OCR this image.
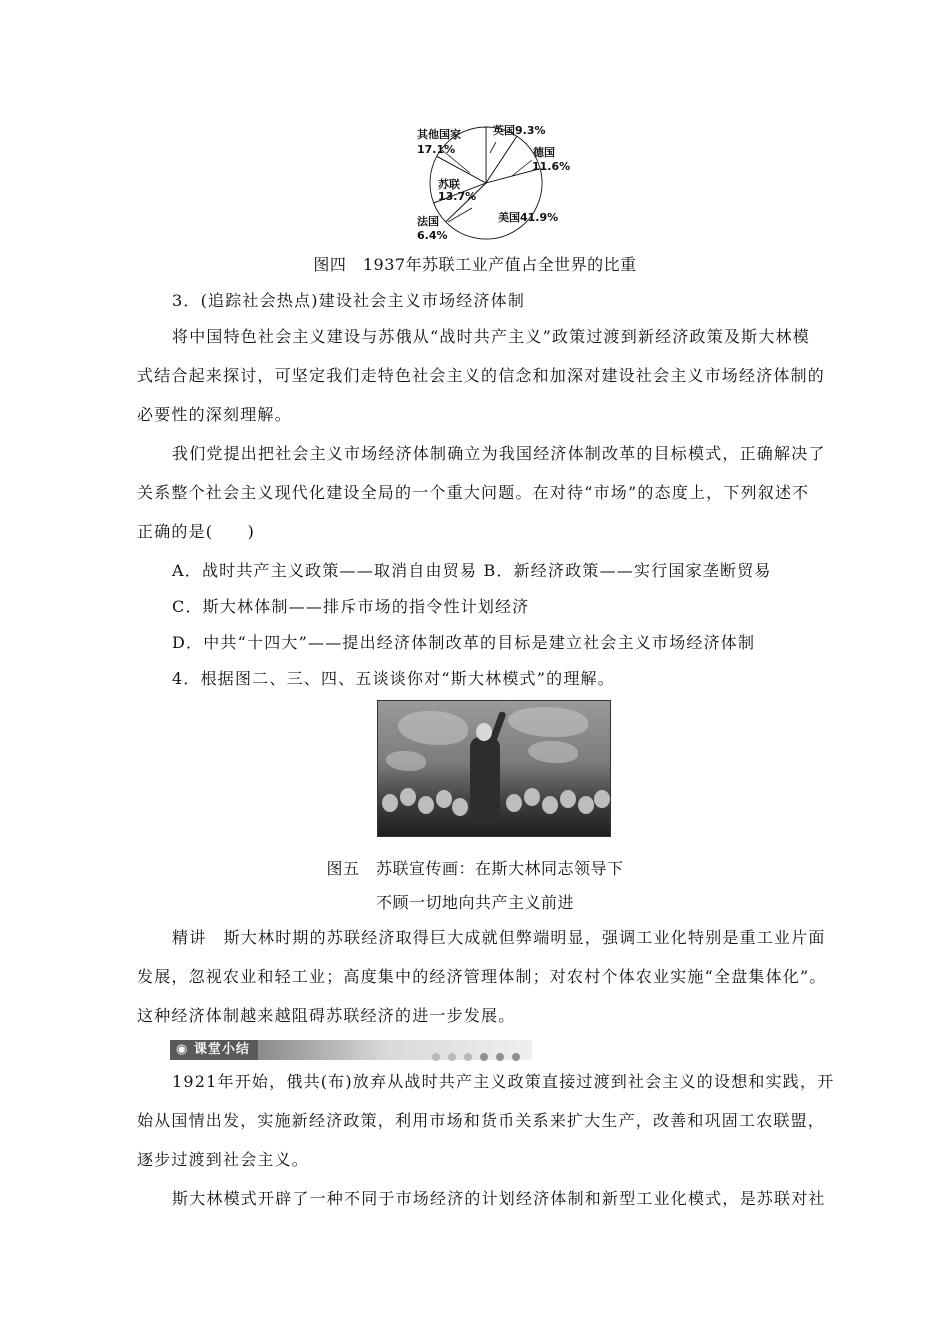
其他国家
17.1%
英国9.3%
德国
11.6%
苏联
13.7%
法国
6.4%
美国41.9%
图四　1937年苏联工业产值占全世界的比重
3．(追踪社会热点)建设社会主义市场经济体制
将中国特色社会主义建设与苏俄从“战时共产主义”政策过渡到新经济政策及斯大林模
式结合起来探讨，可坚定我们走特色社会主义的信念和加深对建设社会主义市场经济体制的
必要性的深刻理解。
我们党提出把社会主义市场经济体制确立为我国经济体制改革的目标模式，正确解决了
关系整个社会主义现代化建设全局的一个重大问题。在对待“市场”的态度上，下列叙述不
正确的是(　　)
A．战时共产主义政策——取消自由贸易 B．新经济政策——实行国家垄断贸易
C．斯大林体制——排斥市场的指令性计划经济
D．中共“十四大”——提出经济体制改革的目标是建立社会主义市场经济体制
4．根据图二、三、四、五谈谈你对“斯大林模式”的理解。
图五　苏联宣传画：在斯大林同志领导下
不顾一切地向共产主义前进
精讲　斯大林时期的苏联经济取得巨大成就但弊端明显，强调工业化特别是重工业片面
发展，忽视农业和轻工业；高度集中的经济管理体制；对农村个体农业实施“全盘集体化”。
这种经济体制越来越阻碍苏联经济的进一步发展。
◉ 课堂小结
1921年开始，俄共(布)放弃从战时共产主义政策直接过渡到社会主义的设想和实践，开
始从国情出发，实施新经济政策，利用市场和货币关系来扩大生产，改善和巩固工农联盟，
逐步过渡到社会主义。
斯大林模式开辟了一种不同于市场经济的计划经济体制和新型工业化模式，是苏联对社
